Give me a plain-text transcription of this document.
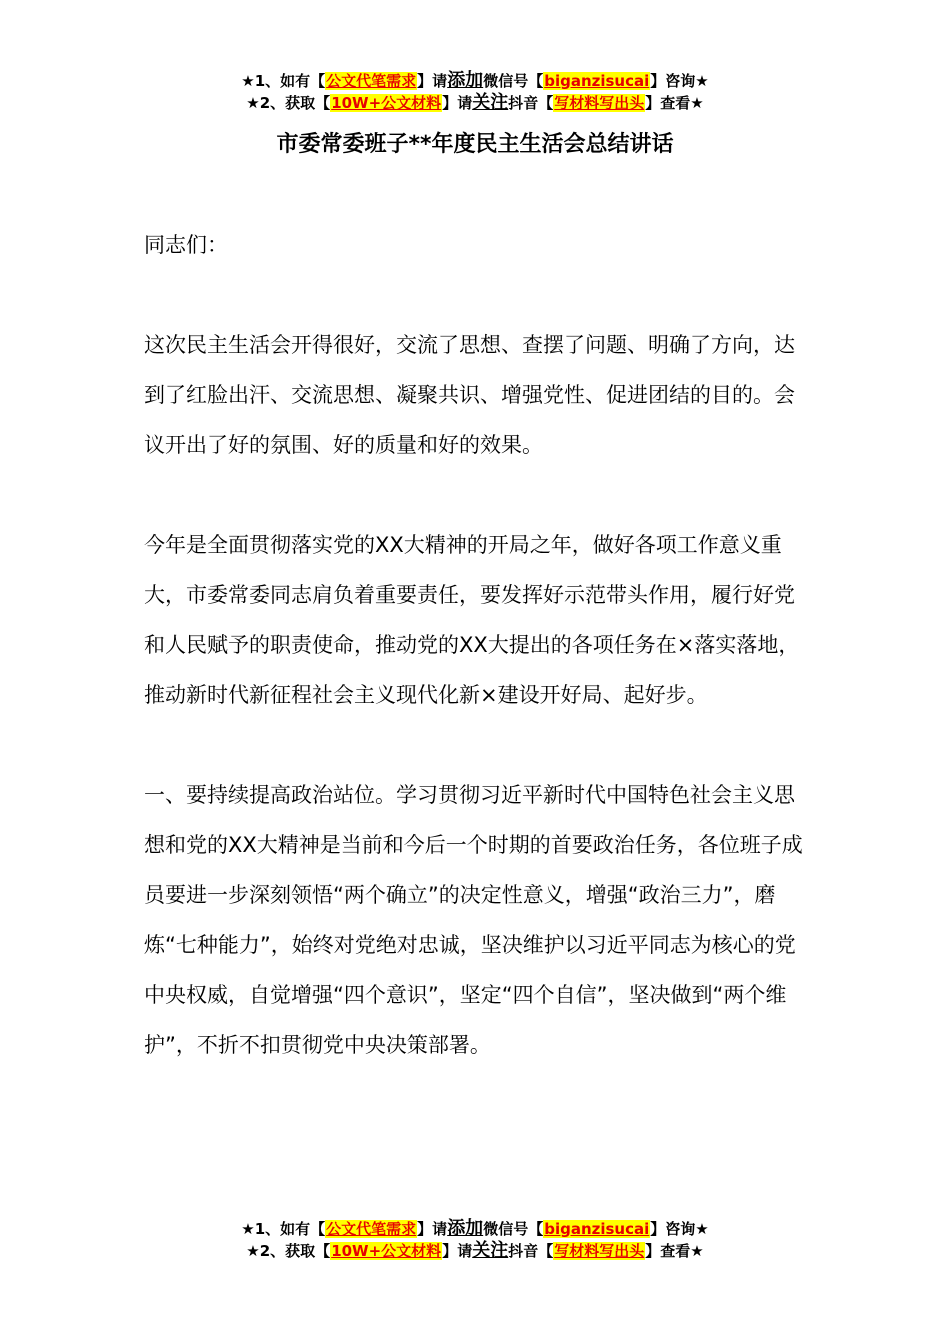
★1、如有【公文代笔需求】请添加微信号【biganzisucai】咨询★
★2、获取【10W+公文材料】请关注抖音【写材料写出头】查看★
市委常委班子**年度民主生活会总结讲话

同志们：

这次民主生活会开得很好，交流了思想、查摆了问题、明确了方向，达到了红脸出汗、交流思想、凝聚共识、增强党性、促进团结的目的。会议开出了好的氛围、好的质量和好的效果。

今年是全面贯彻落实党的XX大精神的开局之年，做好各项工作意义重大，市委常委同志肩负着重要责任，要发挥好示范带头作用，履行好党和人民赋予的职责使命，推动党的XX大提出的各项任务在×落实落地，推动新时代新征程社会主义现代化新×建设开好局、起好步。

一、要持续提高政治站位。学习贯彻习近平新时代中国特色社会主义思想和党的XX大精神是当前和今后一个时期的首要政治任务，各位班子成员要进一步深刻领悟“两个确立”的决定性意义，增强“政治三力”，磨炼“七种能力”，始终对党绝对忠诚，坚决维护以习近平同志为核心的党中央权威，自觉增强“四个意识”，坚定“四个自信”，坚决做到“两个维护”，不折不扣贯彻党中央决策部署。

★1、如有【公文代笔需求】请添加微信号【biganzisucai】咨询★
★2、获取【10W+公文材料】请关注抖音【写材料写出头】查看★
